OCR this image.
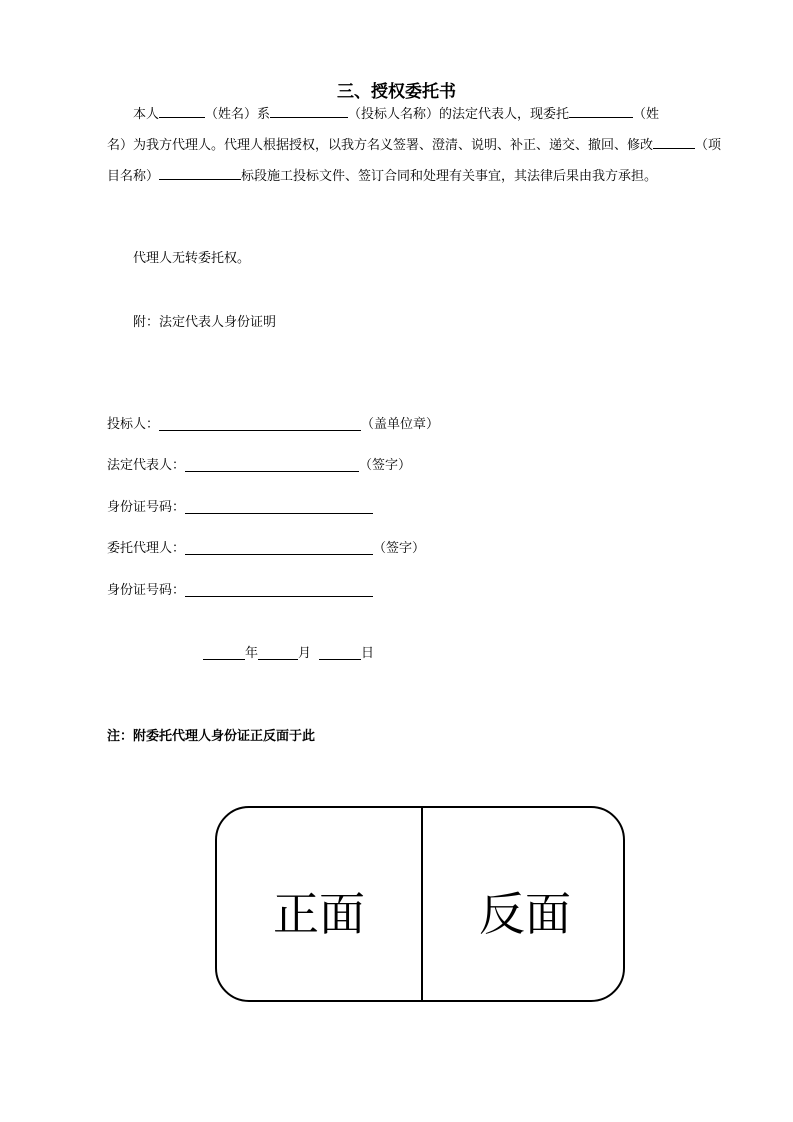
三、授权委托书
本人	（姓名）系	（投标人名称）的法定代表人，现委托	（姓
名）为我方代理人。代理人根据授权，以我方名义签署、澄清、说明、补正、递交、撤回、修改	（项
目名称）	标段施工投标文件、签订合同和处理有关事宜，其法律后果由我方承担。
代理人无转委托权。
附：法定代表人身份证明
投标人：	（盖单位章）
法定代表人：	（签字）
身份证号码：
委托代理人：	（签字）
身份证号码：
年	月	日
注：附委托代理人身份证正反面于此
正面	反面
